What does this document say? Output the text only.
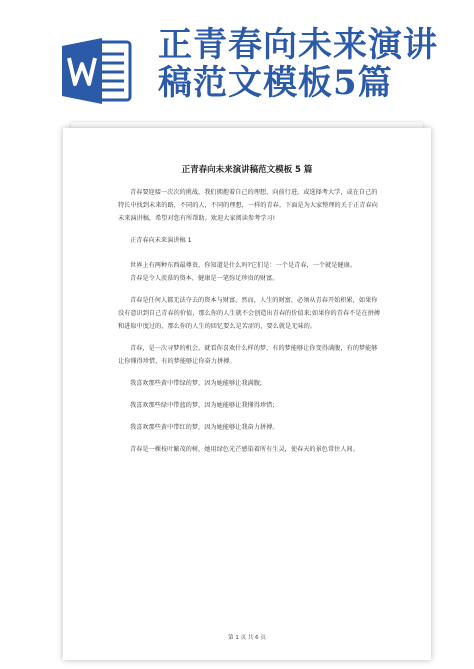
正青春向未来演讲
稿范文模板5篇
正青春向未来演讲稿范文模板 5 篇

青春要迎接一次次的挑战，我们拥抱着自己的理想，向前行进，或选择考大学，或在自己的特长中找到未来的路，不同的人，不同的理想，一样的青春。下面是为大家整理的关于正青春向未来演讲稿，希望对您有所帮助。欢迎大家阅读参考学习!

正青春向未来演讲稿 1

世界上有两种东西最尊贵，你知道是什么吗?它们是：一个是青春，一个就是健康。

青春是令人羡慕的资本，健康是一笔弥足珍贵的财富。

青春是任何人都无法夺去的资本与财富。然而，人生的财富，必须从青春开始积累，如果你没有意识到自己青春的价值，那么你的人生就不会创造出青春的价值来;如果你的青春不是在拼搏和进取中度过的，那么你的人生的回忆要么是苦涩的，要么就是无味的。

青春，是一次寻梦的机会。就看你喜欢什么样的梦，有的梦能够让你变得满腹，有的梦能够让你懂得珍惜，有的梦能够让你奋力拼搏。

我喜欢那些黄中带绿的梦，因为她能够让我满腹;

我喜欢那些绿中带蓝的梦，因为她能够让我懂得珍惜;

我喜欢那些黄中带红的梦，因为她能够让我奋力拼搏。

青春是一棵枝叶繁茂的树，她用绿色光芒感染着所有生灵，使春天的景色常住人间。

第 1 页 共 6 页
